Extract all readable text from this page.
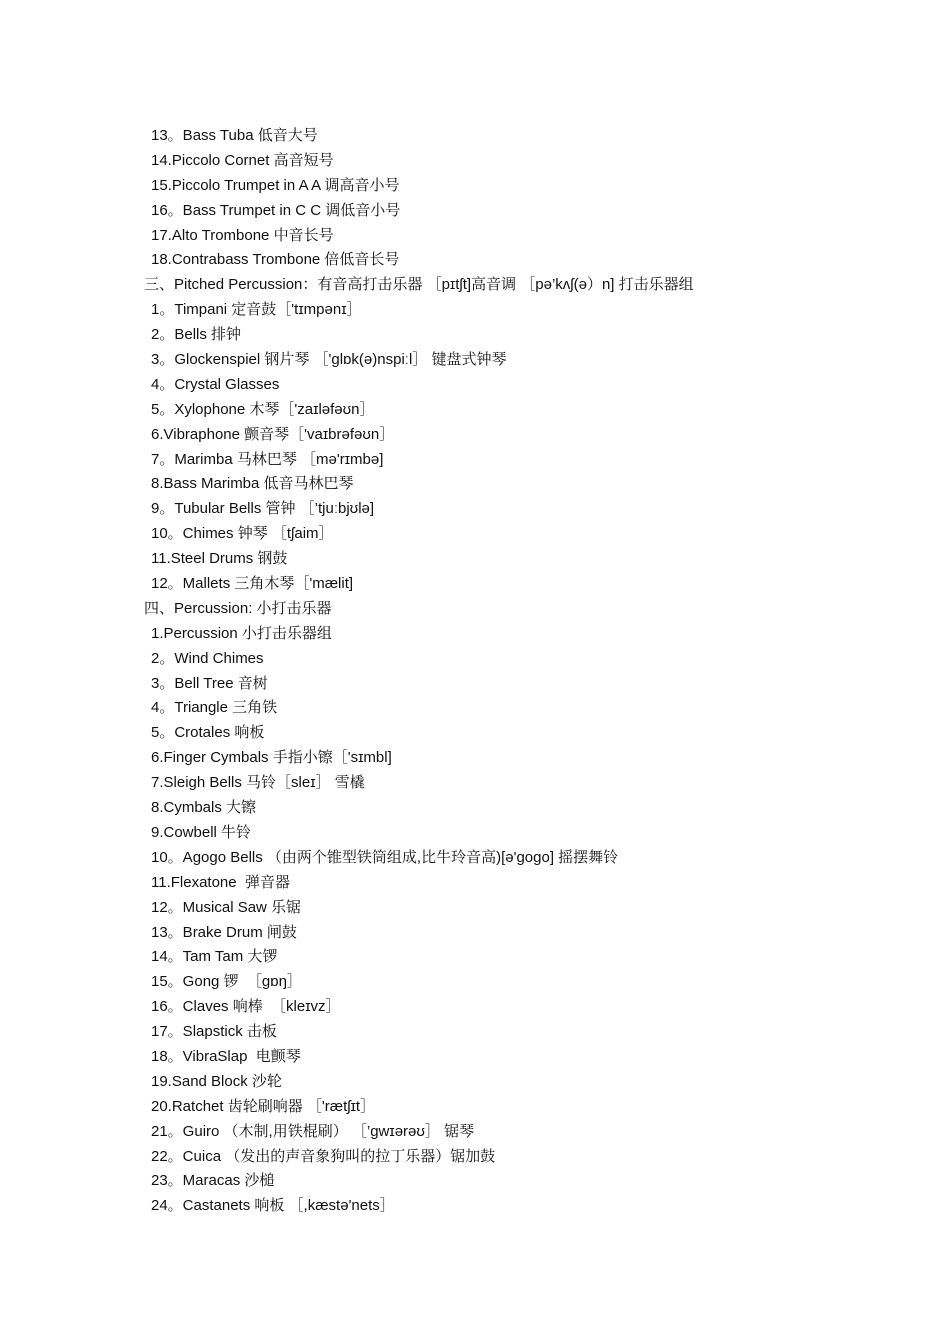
13。Bass Tuba 低音大号
14.Piccolo Cornet 高音短号
15.Piccolo Trumpet in A A 调高音小号
16。Bass Trumpet in C C 调低音小号
17.Alto Trombone 中音长号
18.Contrabass Trombone 倍低音长号
三、Pitched Percussion：有音高打击乐器 ［pɪtʃt]高音调 ［pə’kʌʃ(ə）n] 打击乐器组
1。Timpani 定音鼓［'tɪmpənɪ］
2。Bells 排钟
3。Glockenspiel 钢片琴 ［'glɒk(ə)nspiːl］ 键盘式钟琴
4。Crystal Glasses
5。Xylophone 木琴［'zaɪləfəʊn］
6.Vibraphone 颤音琴［'vaɪbrəfəʊn］
7。Marimba 马林巴琴 ［mə'rɪmbə]
8.Bass Marimba 低音马林巴琴
9。Tubular Bells 管钟 ［’tjuːbjʊlə]
10。Chimes 钟琴 ［tʃaim］
11.Steel Drums 钢鼓
12。Mallets 三角木琴［'mælit]
四、Percussion: 小打击乐器
1.Percussion 小打击乐器组
2。Wind Chimes
3。Bell Tree 音树
4。Triangle 三角铁
5。Crotales 响板
6.Finger Cymbals 手指小镲［'sɪmbl]
7.Sleigh Bells 马铃［sleɪ］ 雪橇
8.Cymbals 大镲
9.Cowbell 牛铃
10。Agogo Bells （由两个锥型铁筒组成,比牛玲音高)[ə'gogo] 摇摆舞铃
11.Flexatone  弹音器
12。Musical Saw 乐锯
13。Brake Drum 闸鼓
14。Tam Tam 大锣
15。Gong 锣  ［gɒŋ］
16。Claves 响棒  ［kleɪvz］
17。Slapstick 击板
18。VibraSlap  电颤琴
19.Sand Block 沙轮
20.Ratchet 齿轮刷响器 ［'rætʃɪt］
21。Guiro （木制,用铁棍刷） ［’gwɪərəʊ］ 锯琴
22。Cuica （发出的声音象狗叫的拉丁乐器）锯加鼓
23。Maracas 沙槌
24。Castanets 响板 ［,kæstə'nets］
